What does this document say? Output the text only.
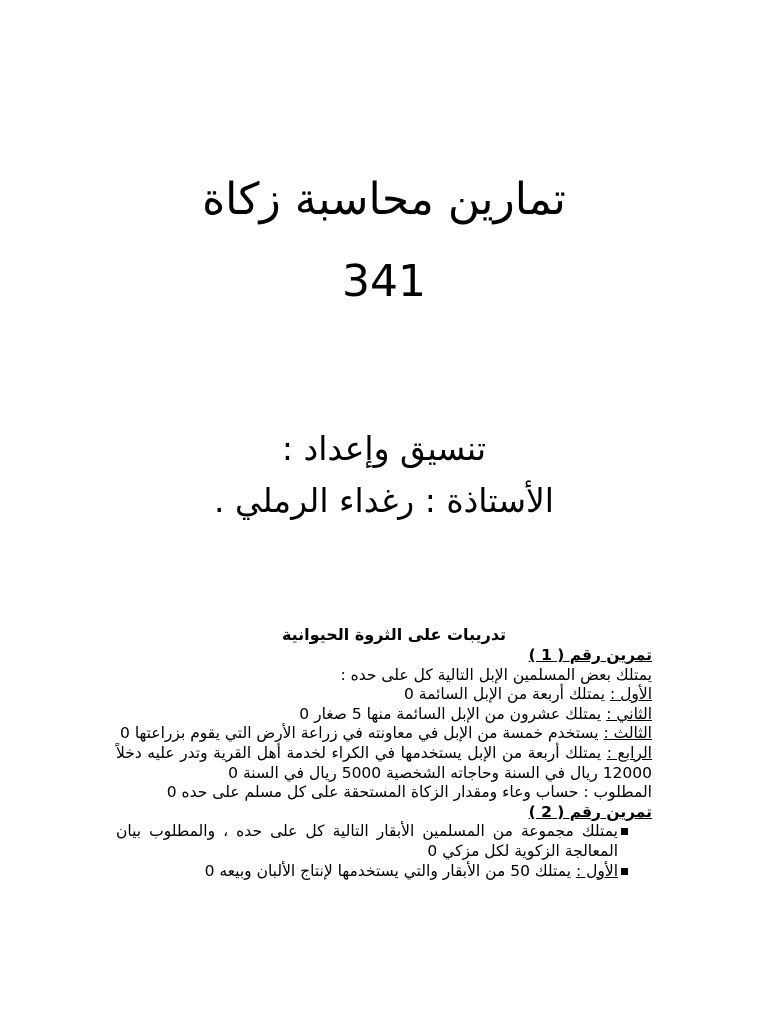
تمارين محاسبة زكاة
341
تنسيق وإعداد :
الأستاذة : رغداء الرملي .
تدريبات على الثروة الحيوانية

تمرين رقم ( 1 )

يمتلك بعض المسلمين الإبل التالية كل على حده :

الأول : يمتلك أربعة من الإبل السائمة 0

الثاني : يمتلك عشرون من الإبل السائمة منها 5 صغار 0

الثالث : يستخدم خمسة من الإبل في معاونته في زراعة الأرض التي يقوم بزراعتها 0

الرابع : يمتلك أربعة من الإبل يستخدمها في الكراء لخدمة أهل القرية وتدر عليه دخلاً 12000 ريال في السنة وحاجاته الشخصية 5000 ريال في السنة 0

المطلوب : حساب وعاء ومقدار الزكاة المستحقة على كل مسلم على حده 0

تمرين رقم ( 2 )

يمتلك مجموعة من المسلمين الأبقار التالية كل على حده ، والمطلوب بيان المعالجة الزكوية لكل مزكي 0

الأول : يمتلك 50 من الأبقار والتي يستخدمها لإنتاج الألبان وبيعه 0
